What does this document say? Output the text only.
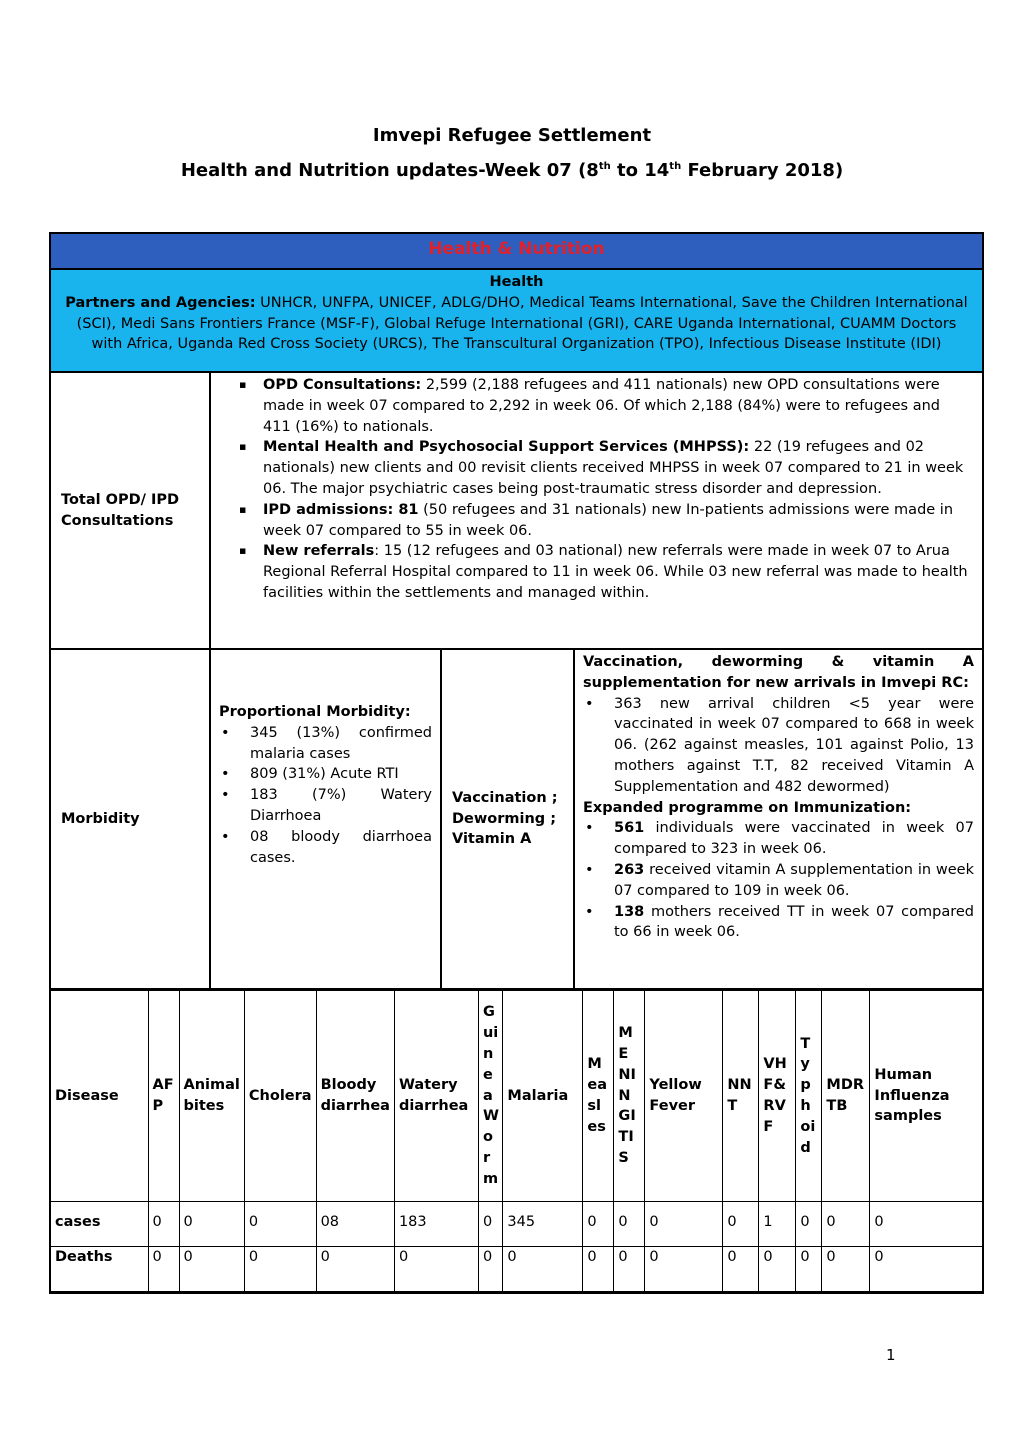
Imvepi Refugee Settlement
Health and Nutrition updates-Week 07 (8th to 14th February 2018)
Health & Nutrition
Health
Partners and Agencies: UNHCR, UNFPA, UNICEF, ADLG/DHO, Medical Teams International, Save the Children International (SCI), Medi Sans Frontiers France (MSF-F), Global Refuge International (GRI), CARE Uganda International, CUAMM Doctors with Africa, Uganda Red Cross Society (URCS), The Transcultural Organization (TPO), Infectious Disease Institute (IDI)
Total OPD/ IPD Consultations
▪ OPD Consultations: 2,599 (2,188 refugees and 411 nationals) new OPD consultations were made in week 07 compared to 2,292 in week 06. Of which 2,188 (84%) were to refugees and 411 (16%) to nationals.
▪ Mental Health and Psychosocial Support Services (MHPSS): 22 (19 refugees and 02 nationals) new clients and 00 revisit clients received MHPSS in week 07 compared to 21 in week 06. The major psychiatric cases being post-traumatic stress disorder and depression.
▪ IPD admissions: 81 (50 refugees and 31 nationals) new In-patients admissions were made in week 07 compared to 55 in week 06.
▪ New referrals: 15 (12 refugees and 03 national) new referrals were made in week 07 to Arua Regional Referral Hospital compared to 11 in week 06. While 03 new referral was made to health facilities within the settlements and managed within.
Morbidity
Proportional Morbidity:
• 345 (13%) confirmed malaria cases
• 809 (31%) Acute RTI
• 183 (7%) Watery Diarrhoea
• 08 bloody diarrhoea cases.
Vaccination ; Deworming ; Vitamin A
Vaccination, deworming & vitamin A supplementation for new arrivals in Imvepi RC:
• 363 new arrival children <5 year were vaccinated in week 07 compared to 668 in week 06. (262 against measles, 101 against Polio, 13 mothers against T.T, 82 received Vitamin A Supplementation and 482 dewormed)
Expanded programme on Immunization:
• 561 individuals were vaccinated in week 07 compared to 323 in week 06.
• 263 received vitamin A supplementation in week 07 compared to 109 in week 06.
• 138 mothers received TT in week 07 compared to 66 in week 06.
Disease	AFP	Animal bites	Cholera	Bloody diarrhea	Watery diarrhea	GuineaWorm	Malaria	Measles	MENINGITIS	Yellow Fever	NNT	VHF&RVF	Typhoid	MDR TB	Human Influenza samples
cases	0	0	0	08	183	0	345	0	0	0	0	1	0	0	0
Deaths	0	0	0	0	0	0	0	0	0	0	0	0	0	0	0
1
